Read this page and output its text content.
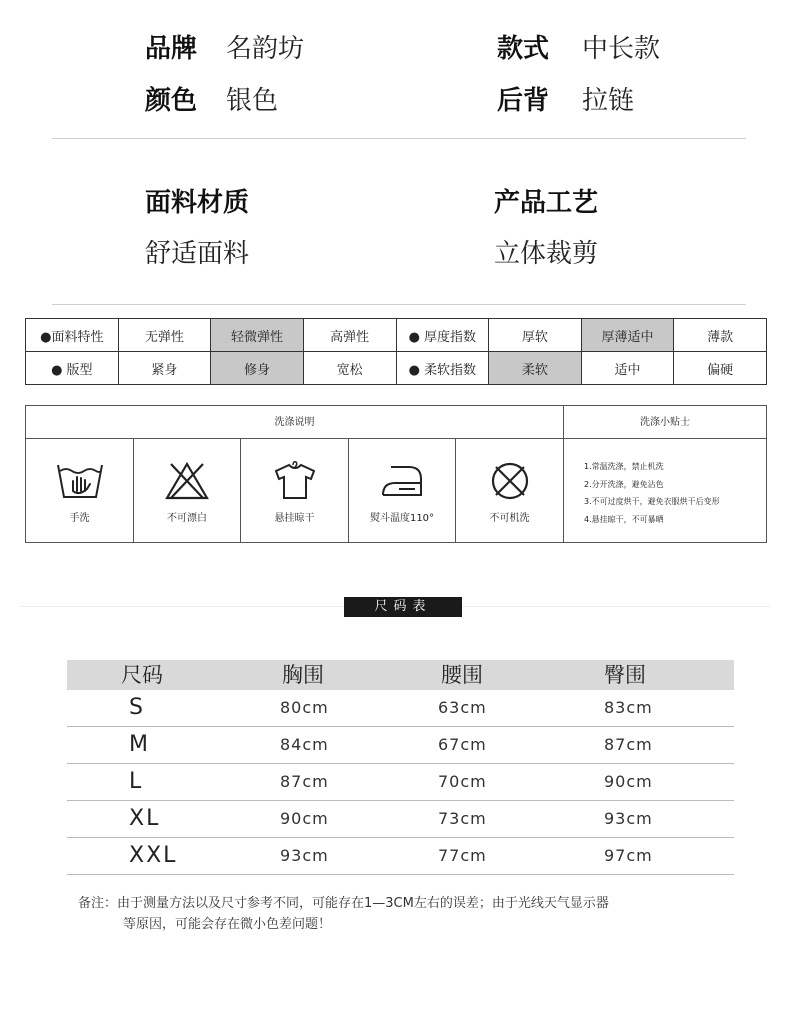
品牌 名韵坊	款式 中长款
颜色 银色	后背 拉链
面料材质
舒适面料
产品工艺
立体裁剪
●面料特性	无弹性	轻微弹性	高弹性	● 厚度指数	厚软	厚薄适中	薄款
● 版型	紧身	修身	宽松	● 柔软指数	柔软	适中	偏硬
洗涤说明	洗涤小贴士
手洗	不可漂白	悬挂晾干	熨斗温度110°	不可机洗
1.常温洗涤，禁止机洗
2.分开洗涤，避免沾色
3.不可过度烘干，避免衣服烘干后变形
4.悬挂晾干，不可暴晒
尺码表
尺码	胸围	腰围	臀围
S	80cm	63cm	83cm
M	84cm	67cm	87cm
L	87cm	70cm	90cm
XL	90cm	73cm	93cm
XXL	93cm	77cm	97cm
备注：由于测量方法以及尺寸参考不同，可能存在1—3CM左右的误差；由于光线天气显示器
等原因，可能会存在微小色差问题！
